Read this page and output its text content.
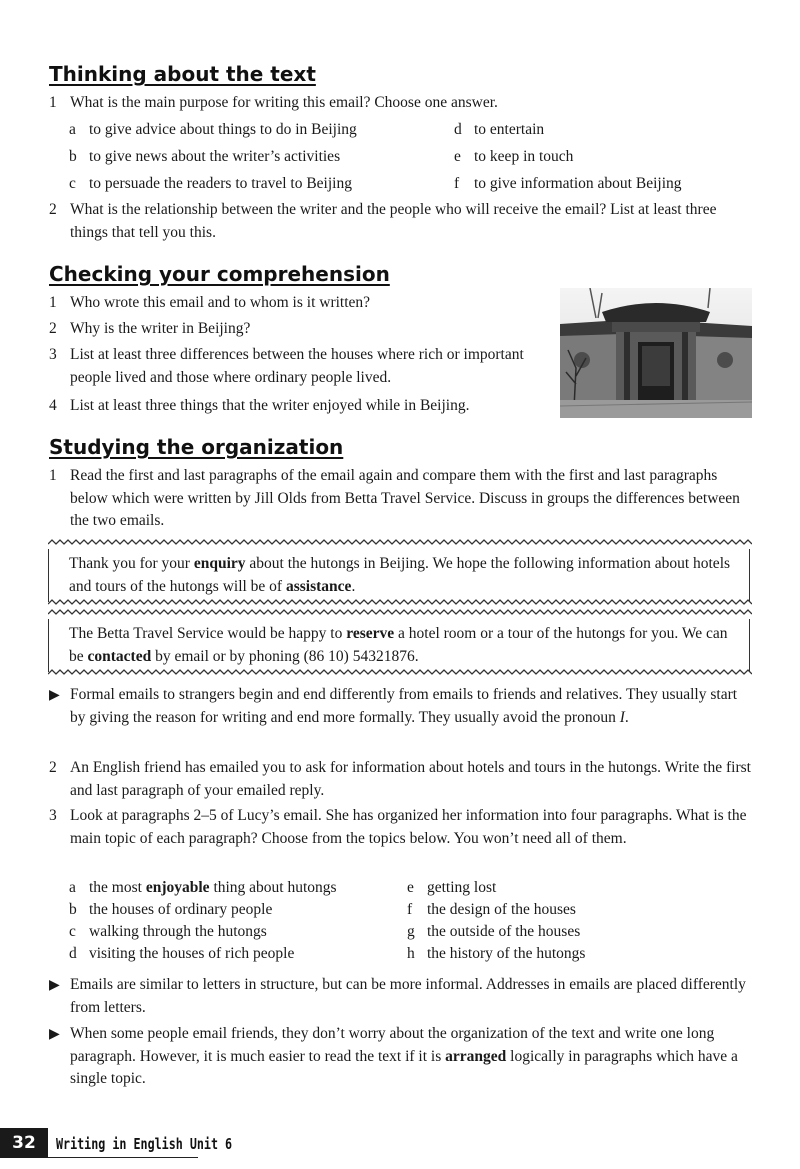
Thinking about the text
1 What is the main purpose for writing this email? Choose one answer.
a to give advice about things to do in Beijing
b to give news about the writer’s activities
c to persuade the readers to travel to Beijing
d to entertain
e to keep in touch
f to give information about Beijing
2 What is the relationship between the writer and the people who will receive the email? List at least three things that tell you this.
Checking your comprehension
1 Who wrote this email and to whom is it written?
2 Why is the writer in Beijing?
3 List at least three differences between the houses where rich or important people lived and those where ordinary people lived.
4 List at least three things that the writer enjoyed while in Beijing.
Studying the organization
1 Read the first and last paragraphs of the email again and compare them with the first and last paragraphs below which were written by Jill Olds from Betta Travel Service. Discuss in groups the differences between the two emails.
Thank you for your enquiry about the hutongs in Beijing. We hope the following information about hotels and tours of the hutongs will be of assistance.
The Betta Travel Service would be happy to reserve a hotel room or a tour of the hutongs for you. We can be contacted by email or by phoning (86 10) 54321876.
▶ Formal emails to strangers begin and end differently from emails to friends and relatives. They usually start by giving the reason for writing and end more formally. They usually avoid the pronoun I.
2 An English friend has emailed you to ask for information about hotels and tours in the hutongs. Write the first and last paragraph of your emailed reply.
3 Look at paragraphs 2–5 of Lucy’s email. She has organized her information into four paragraphs. What is the main topic of each paragraph? Choose from the topics below. You won’t need all of them.
a the most enjoyable thing about hutongs
b the houses of ordinary people
c walking through the hutongs
d visiting the houses of rich people
e getting lost
f the design of the houses
g the outside of the houses
h the history of the hutongs
▶ Emails are similar to letters in structure, but can be more informal. Addresses in emails are placed differently from letters.
▶ When some people email friends, they don’t worry about the organization of the text and write one long paragraph. However, it is much easier to read the text if it is arranged logically in paragraphs which have a single topic.
32	Writing in English Unit 6
